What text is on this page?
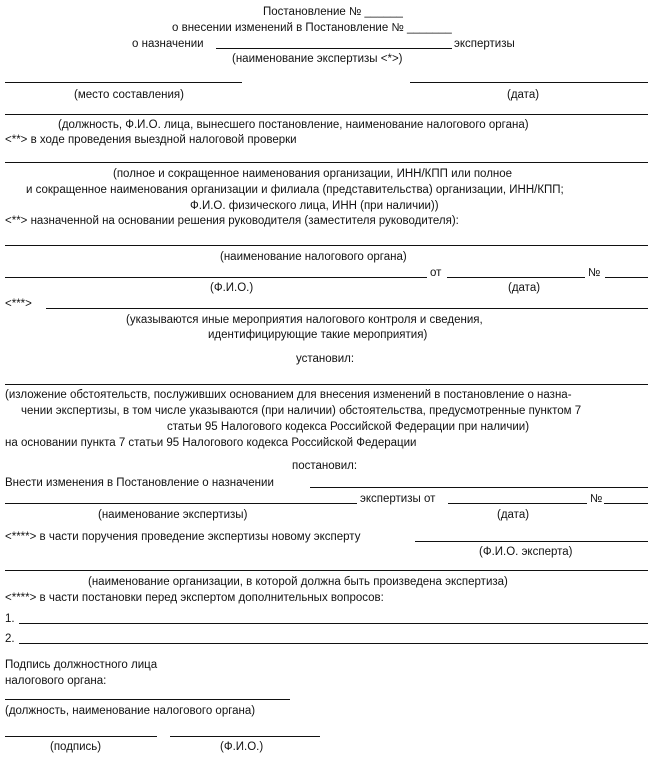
Постановление № ______
о внесении изменений в Постановление № _______
о назначении	экспертизы
(наименование экспертизы <*>)
(место составления)	(дата)
(должность, Ф.И.О. лица, вынесшего постановление, наименование налогового органа)
<**> в ходе проведения выездной налоговой проверки
(полное и сокращенное наименования организации, ИНН/КПП или полное
и сокращенное наименования организации и филиала (представительства) организации, ИНН/КПП;
Ф.И.О. физического лица, ИНН (при наличии))
<**> назначенной на основании решения руководителя (заместителя руководителя):
(наименование налогового органа)
от	№
(Ф.И.О.)	(дата)
<***>
(указываются иные мероприятия налогового контроля и сведения,
идентифицирующие такие мероприятия)
установил:
(изложение обстоятельств, послуживших основанием для внесения изменений в постановление о назна-
чении экспертизы, в том числе указываются (при наличии) обстоятельства, предусмотренные пунктом 7
статьи 95 Налогового кодекса Российской Федерации при наличии)
на основании пункта 7 статьи 95 Налогового кодекса Российской Федерации
постановил:
Внести изменения в Постановление о назначении
экспертизы от	№
(наименование экспертизы)	(дата)
<****> в части поручения проведение экспертизы новому эксперту
(Ф.И.О. эксперта)
(наименование организации, в которой должна быть произведена экспертиза)
<****> в части постановки перед экспертом дополнительных вопросов:
1.
2.
Подпись должностного лица
налогового органа:
(должность, наименование налогового органа)
(подпись)	(Ф.И.О.)
